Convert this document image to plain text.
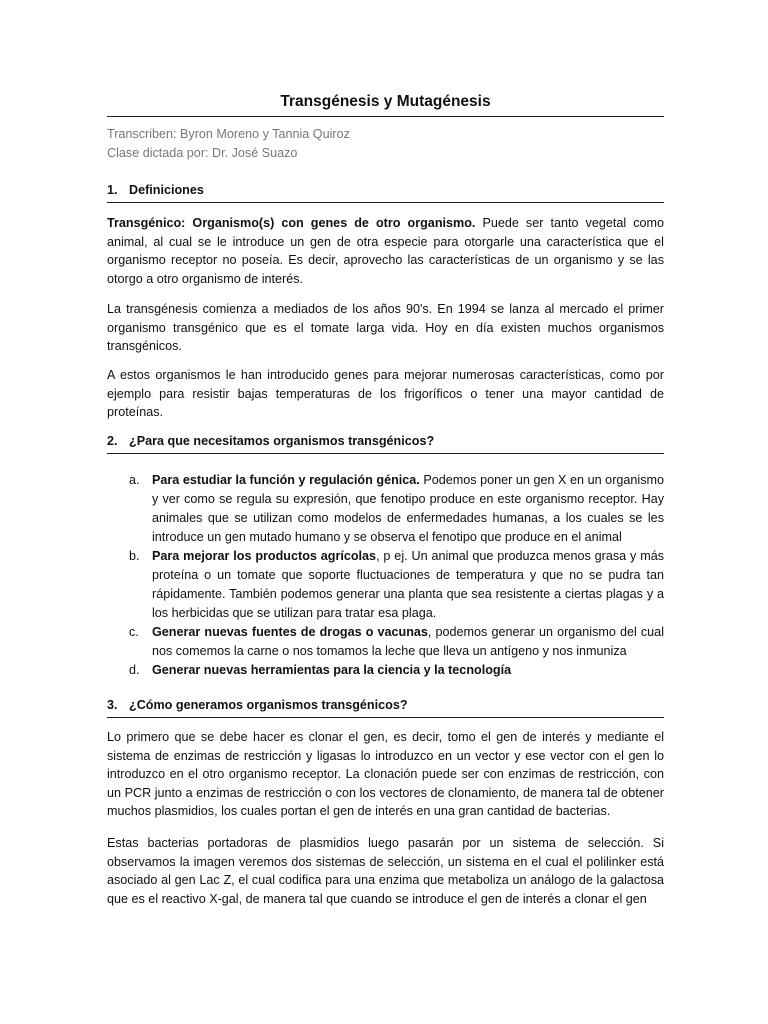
Transgénesis y Mutagénesis
Transcriben: Byron Moreno y Tannia Quiroz
Clase dictada por: Dr. José Suazo
1. Definiciones

Transgénico: Organismo(s) con genes de otro organismo. Puede ser tanto vegetal como animal, al cual se le introduce un gen de otra especie para otorgarle una característica que el organismo receptor no poseía. Es decir, aprovecho las características de un organismo y se las otorgo a otro organismo de interés.

La transgénesis comienza a mediados de los años 90's. En 1994 se lanza al mercado el primer organismo transgénico que es el tomate larga vida. Hoy en día existen muchos organismos transgénicos.

A estos organismos le han introducido genes para mejorar numerosas características, como por ejemplo para resistir bajas temperaturas de los frigoríficos o tener una mayor cantidad de proteínas.

2. ¿Para que necesitamos organismos transgénicos?
a. Para estudiar la función y regulación génica. Podemos poner un gen X en un organismo y ver como se regula su expresión, que fenotipo produce en este organismo receptor. Hay animales que se utilizan como modelos de enfermedades humanas, a los cuales se les introduce un gen mutado humano y se observa el fenotipo que produce en el animal
b. Para mejorar los productos agrícolas, p ej. Un animal que produzca menos grasa y más proteína o un tomate que soporte fluctuaciones de temperatura y que no se pudra tan rápidamente. También podemos generar una planta que sea resistente a ciertas plagas y a los herbicidas que se utilizan para tratar esa plaga.
c. Generar nuevas fuentes de drogas o vacunas, podemos generar un organismo del cual nos comemos la carne o nos tomamos la leche que lleva un antígeno y nos inmuniza
d. Generar nuevas herramientas para la ciencia y la tecnología
3. ¿Cómo generamos organismos transgénicos?

Lo primero que se debe hacer es clonar el gen, es decir, tomo el gen de interés y mediante el sistema de enzimas de restricción y ligasas lo introduzco en un vector y ese vector con el gen lo introduzco en el otro organismo receptor. La clonación puede ser con enzimas de restricción, con un PCR junto a enzimas de restricción o con los vectores de clonamiento, de manera tal de obtener muchos plasmidios, los cuales portan el gen de interés en una gran cantidad de bacterias.

Estas bacterias portadoras de plasmidios luego pasarán por un sistema de selección. Si observamos la imagen veremos dos sistemas de selección, un sistema en el cual el polilinker está asociado al gen Lac Z, el cual codifica para una enzima que metaboliza un análogo de la galactosa que es el reactivo X-gal, de manera tal que cuando se introduce el gen de interés a clonar el gen
